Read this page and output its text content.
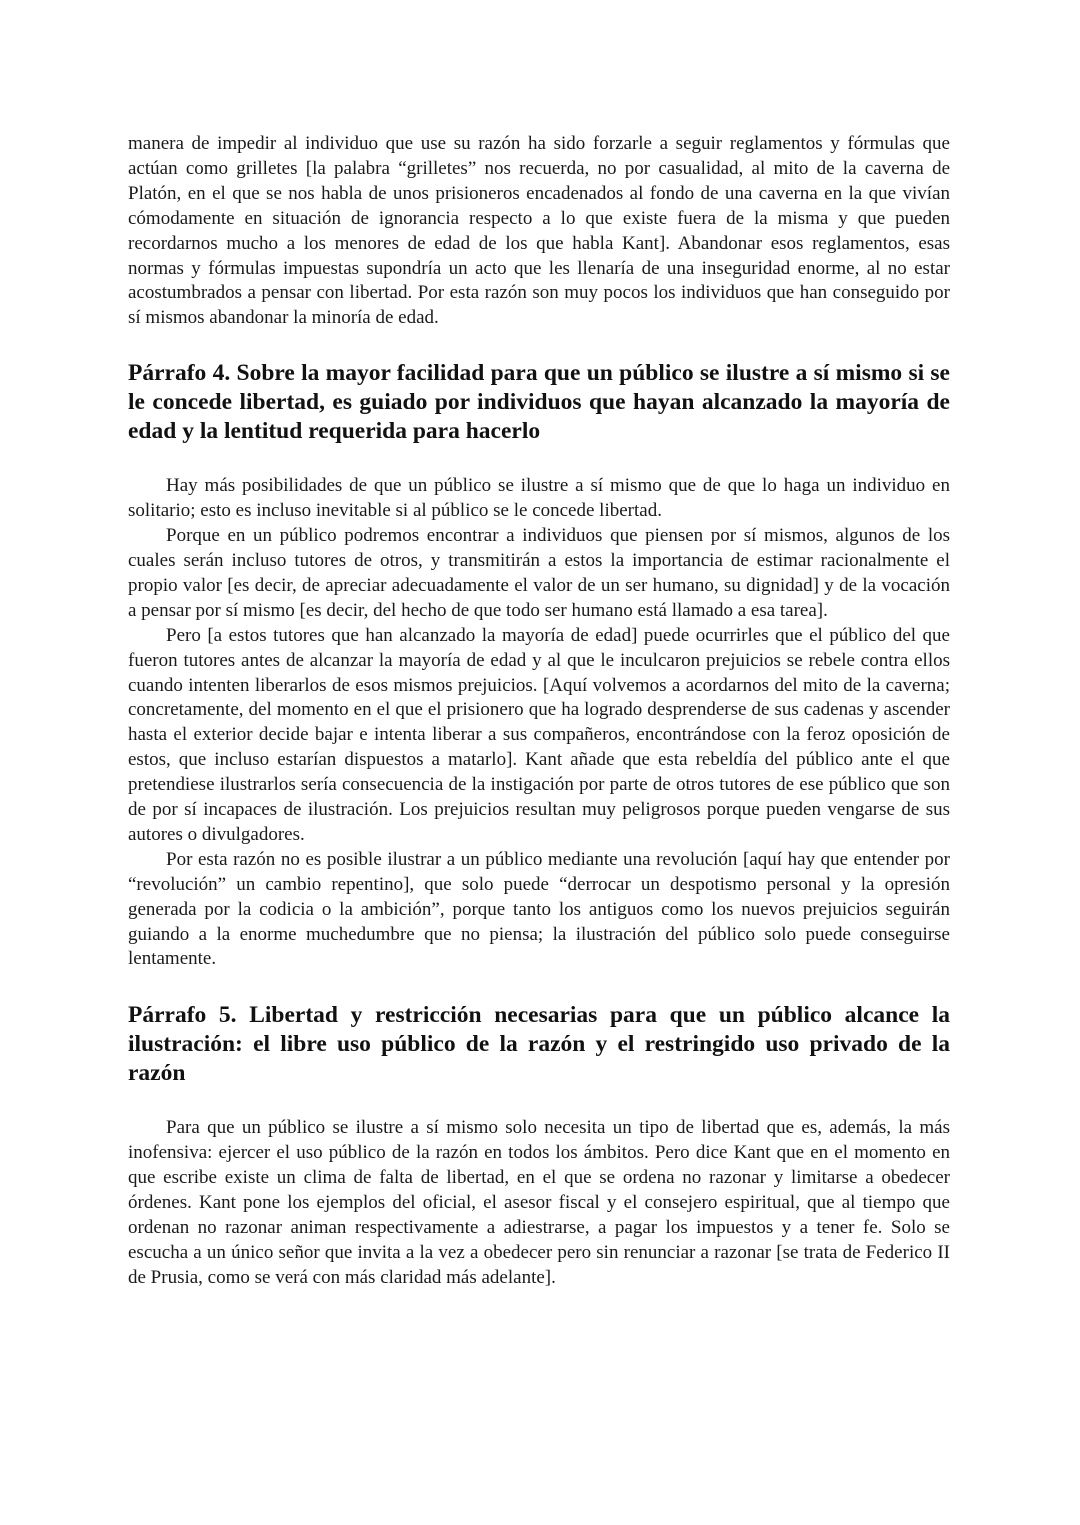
manera de impedir al individuo que use su razón ha sido forzarle a seguir reglamentos y fórmulas que actúan como grilletes [la palabra “grilletes” nos recuerda, no por casualidad, al mito de la caverna de Platón, en el que se nos habla de unos prisioneros encadenados al fondo de una caverna en la que vivían cómodamente en situación de ignorancia respecto a lo que existe fuera de la misma y que pueden recordarnos mucho a los menores de edad de los que habla Kant]. Abandonar esos reglamentos, esas normas y fórmulas impuestas supondría un acto que les llenaría de una inseguridad enorme, al no estar acostumbrados a pensar con libertad. Por esta razón son muy pocos los individuos que han conseguido por sí mismos abandonar la minoría de edad.

Párrafo 4. Sobre la mayor facilidad para que un público se ilustre a sí mismo si se le concede libertad, es guiado por individuos que hayan alcanzado la mayoría de edad y la lentitud requerida para hacerlo

Hay más posibilidades de que un público se ilustre a sí mismo que de que lo haga un individuo en solitario; esto es incluso inevitable si al público se le concede libertad.

Porque en un público podremos encontrar a individuos que piensen por sí mismos, algunos de los cuales serán incluso tutores de otros, y transmitirán a estos la importancia de estimar racionalmente el propio valor [es decir, de apreciar adecuadamente el valor de un ser humano, su dignidad] y de la vocación a pensar por sí mismo [es decir, del hecho de que todo ser humano está llamado a esa tarea].

Pero [a estos tutores que han alcanzado la mayoría de edad] puede ocurrirles que el público del que fueron tutores antes de alcanzar la mayoría de edad y al que le inculcaron prejuicios se rebele contra ellos cuando intenten liberarlos de esos mismos prejuicios. [Aquí volvemos a acordarnos del mito de la caverna; concretamente, del momento en el que el prisionero que ha logrado desprenderse de sus cadenas y ascender hasta el exterior decide bajar e intenta liberar a sus compañeros, encontrándose con la feroz oposición de estos, que incluso estarían dispuestos a matarlo]. Kant añade que esta rebeldía del público ante el que pretendiese ilustrarlos sería consecuencia de la instigación por parte de otros tutores de ese público que son de por sí incapaces de ilustración. Los prejuicios resultan muy peligrosos porque pueden vengarse de sus autores o divulgadores.

Por esta razón no es posible ilustrar a un público mediante una revolución [aquí hay que entender por “revolución” un cambio repentino], que solo puede “derrocar un despotismo personal y la opresión generada por la codicia o la ambición”, porque tanto los antiguos como los nuevos prejuicios seguirán guiando a la enorme muchedumbre que no piensa; la ilustración del público solo puede conseguirse lentamente.

Párrafo 5. Libertad y restricción necesarias para que un público alcance la ilustración: el libre uso público de la razón y el restringido uso privado de la razón

Para que un público se ilustre a sí mismo solo necesita un tipo de libertad que es, además, la más inofensiva: ejercer el uso público de la razón en todos los ámbitos. Pero dice Kant que en el momento en que escribe existe un clima de falta de libertad, en el que se ordena no razonar y limitarse a obedecer órdenes. Kant pone los ejemplos del oficial, el asesor fiscal y el consejero espiritual, que al tiempo que ordenan no razonar animan respectivamente a adiestrarse, a pagar los impuestos y a tener fe. Solo se escucha a un único señor que invita a la vez a obedecer pero sin renunciar a razonar [se trata de Federico II de Prusia, como se verá con más claridad más adelante].
